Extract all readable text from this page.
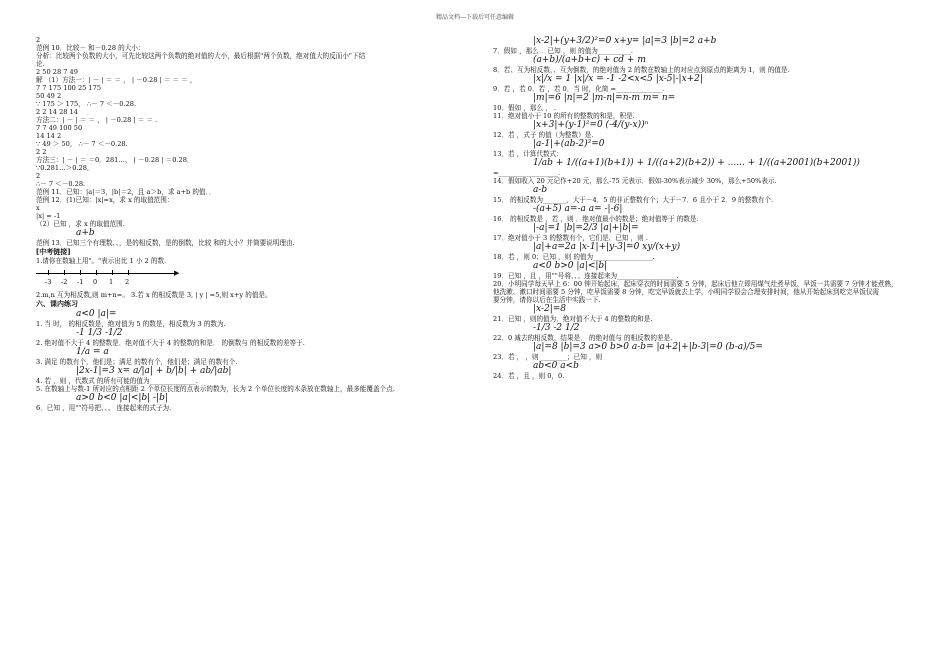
精品文档---下载后可任意编辑
2
范例 10．比较－ 和－0.28 的大小：
分析：比较两个负数的大小，可先比较这两个负数的绝对值的大小，最后根据"两个负数，绝对值大的反而小"下结
论.
2 50 28 7 49
解 （1）方法一：| － | ＝ ＝ ， | －0.28 | ＝ ＝ ＝ ，
7 7 175 100 25 175
50 49 2
∵ 175 ＞ 175， ∴－ 7 ＜－0.28.
2 2 14 28 14
方法二：| － | ＝ ＝ ， | －0.28 | ＝ ＝ .
7 7 49 100 50
14 14 2
∵ 49 ＞ 50， ∴－ 7 ＜－0.28.
2 2
方法三：| － | ＝ ＝0．281…， | －0.28 | ＝0.28．
∵0.281…＞0.28,
2
∴－ 7 ＜－0.28.
范例 11．已知：|a|＝3，|b|＝2，且 a＞b，求 a+b 的值．．
范例 12．(1)已知：|x|=x，求 x 的取值范围：
x
|x| = -1
（2）已知 ，求 x 的取值范围.
a+b
范例 13．已知三个有理数、、，是的相反数，是的倒数，比较 和的大小？并简要说明理由.
[中考链接]
1.请你在数轴上用"。"表示出比 1 小 2 的数.
▶
-3 -2 -1 0 1 2
2.m,n 互为相反数,则 m+n=。 3.若 x 的相反数是 3, | y | =5,则 x+y 的值是。
六、课内练习
a<0 |a|=
1. 当 时， 的相反数是，绝对值为 5 的数是，相反数为 3 的数为.
-1 1/3 -1/2
2. 绝对值不大于 4 的整数是．绝对值不大于 4 的整数的和是． 的倒数与 的相反数的差等于.
1/a = a
3. 满足 的数有个，他们是；满足 的数有个，他们是；满足 的数有个.
|2x-1|=3 x= a/|a| + b/|b| + ab/|ab|
4. 若 ，则 ，代数式 的所有可能的值为______________.
5. 在数轴上与数-1 所对应的点相距 2 个单位长度的点表示的数为，长为 2 个单位长度的木条放在数轴上，最多能覆盖个点.
a>0 b<0 |a|<|b| -|b|
6．已知 ，用""符号把、、、 连接起来的式子为.
|x-2|+(y+3/2)²=0 x+y= |a|=3 |b|=2 a+b
7．假如 ，那么 ．已知 ，则 的值为__________.
(a+b)/(a+b+c) + cd + m
8．若、互为相反数，、互为倒数，的绝对值为 2 的数在数轴上的对应点到原点的距离为 1，则 的值是.
|x|/x = 1 |x|/x = -1 -2<x<5 |x-5|-|x+2|
9．若 ，若 0．若 ，若 0．当 时，化简 =______________.
|m|=6 |n|=2 |m-n|=n-m m= n=
10．假如 ，那么 ， .
11．绝对值小于 10 的所有的整数的和是，积是.
|x+3|+(y-1)²=0 (-4/(y-x))ⁿ
12．若 ，式子 的值（为整数）是.
|a-1|+(ab-2)²=0
13．若 ，计算代数式：
1/ab + 1/((a+1)(b+1)) + 1/((a+2)(b+2)) + ...... + 1/((a+2001)(b+2001))
=__________________.
14．假如收入 20 元记作+20 元，那么-75 元表示．假如-30%表示减少 30%，那么+50%表示.
a-b
15． 的相反数为_______，大于－4．5 的非正整数有个；大于－7．6 且小于 2．9 的整数有个.
-(a+5) a=-a a= -|-6|
16． 的相反数是 ，若 ，则 ．绝对值最小的数是；绝对值等于 的数是.
|-a|=1 |b|=2/3 |a|+|b|=
17．绝对值小于 3 的整数有个，它们是．已知 ，则 .
|a|+a=2a |x-1|+|y-3|=0 xy/(x+y)
18．若 ，则 0；已知 ，则 的值为__________________.
a<0 b>0 |a|<|b|
19．已知 ，且 ，用""号将、、、连接起来为__________________.
20．小明同学每天早上 6：00 钟开始起床，起床穿衣的时间需要 5 分钟，起床后他立即用煤气灶煮早饭，早饭一共需要 7 分钟才能煮熟，
他洗漱、漱口时间需要 5 分钟，吃早饭需要 8 分钟，吃完早饭就去上学，小明同学很会合理安排时间，他从开始起床到吃完早饭仅需
要分钟，请你以后在生活中实践一下.
|x-2|=8
21．已知 ，则的值为．绝对值不大于 4 的整数的和是.
-1/3 -2 1/2
22．0 减去的相反数，结果是． 的绝对值与 的相反数的差是.
|a|=8 |b|=3 a>0 b>0 a-b= |a+2|+|b-3|=0 (b-a)/5=
23．若 ， ，则 ________；已知 ，则
ab<0 a<b
24．若 ，且 ，则 0，0.
